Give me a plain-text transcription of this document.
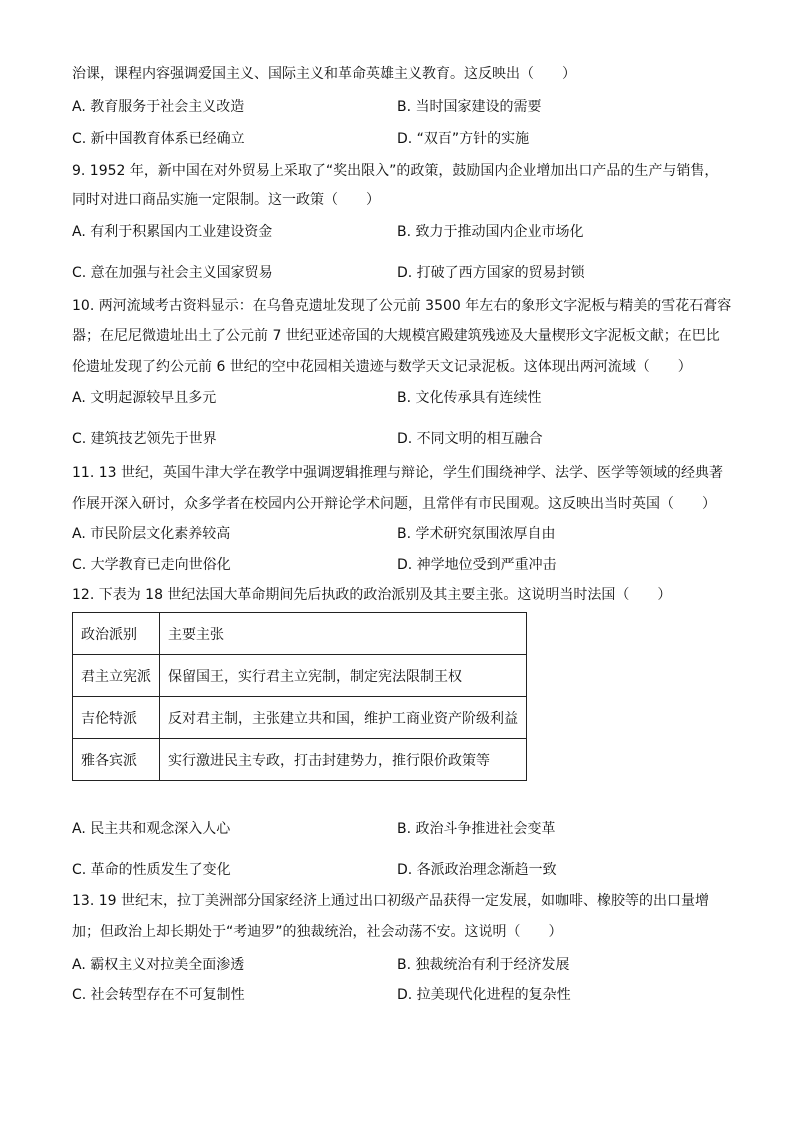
治课，课程内容强调爱国主义、国际主义和革命英雄主义教育。这反映出（　　）
A. 教育服务于社会主义改造	B. 当时国家建设的需要
C. 新中国教育体系已经确立	D. “双百”方针的实施
9. 1952 年，新中国在对外贸易上采取了“奖出限入”的政策，鼓励国内企业增加出口产品的生产与销售，
同时对进口商品实施一定限制。这一政策（　　）
A. 有利于积累国内工业建设资金	B. 致力于推动国内企业市场化
C. 意在加强与社会主义国家贸易	D. 打破了西方国家的贸易封锁
10. 两河流域考古资料显示：在乌鲁克遗址发现了公元前 3500 年左右的象形文字泥板与精美的雪花石膏容
器；在尼尼微遗址出土了公元前 7 世纪亚述帝国的大规模宫殿建筑残迹及大量楔形文字泥板文献；在巴比
伦遗址发现了约公元前 6 世纪的空中花园相关遗迹与数学天文记录泥板。这体现出两河流域（　　）
A. 文明起源较早且多元	B. 文化传承具有连续性
C. 建筑技艺领先于世界	D. 不同文明的相互融合
11. 13 世纪，英国牛津大学在教学中强调逻辑推理与辩论，学生们围绕神学、法学、医学等领域的经典著
作展开深入研讨，众多学者在校园内公开辩论学术问题，且常伴有市民围观。这反映出当时英国（　　）
A. 市民阶层文化素养较高	B. 学术研究氛围浓厚自由
C. 大学教育已走向世俗化	D. 神学地位受到严重冲击
12. 下表为 18 世纪法国大革命期间先后执政的政治派别及其主要主张。这说明当时法国（　　）
政治派别	主要主张
君主立宪派	保留国王，实行君主立宪制，制定宪法限制王权
吉伦特派	反对君主制，主张建立共和国，维护工商业资产阶级利益
雅各宾派	实行激进民主专政，打击封建势力，推行限价政策等
A. 民主共和观念深入人心	B. 政治斗争推进社会变革
C. 革命的性质发生了变化	D. 各派政治理念渐趋一致
13. 19 世纪末，拉丁美洲部分国家经济上通过出口初级产品获得一定发展，如咖啡、橡胶等的出口量增
加；但政治上却长期处于“考迪罗”的独裁统治，社会动荡不安。这说明（　　）
A. 霸权主义对拉美全面渗透	B. 独裁统治有利于经济发展
C. 社会转型存在不可复制性	D. 拉美现代化进程的复杂性
